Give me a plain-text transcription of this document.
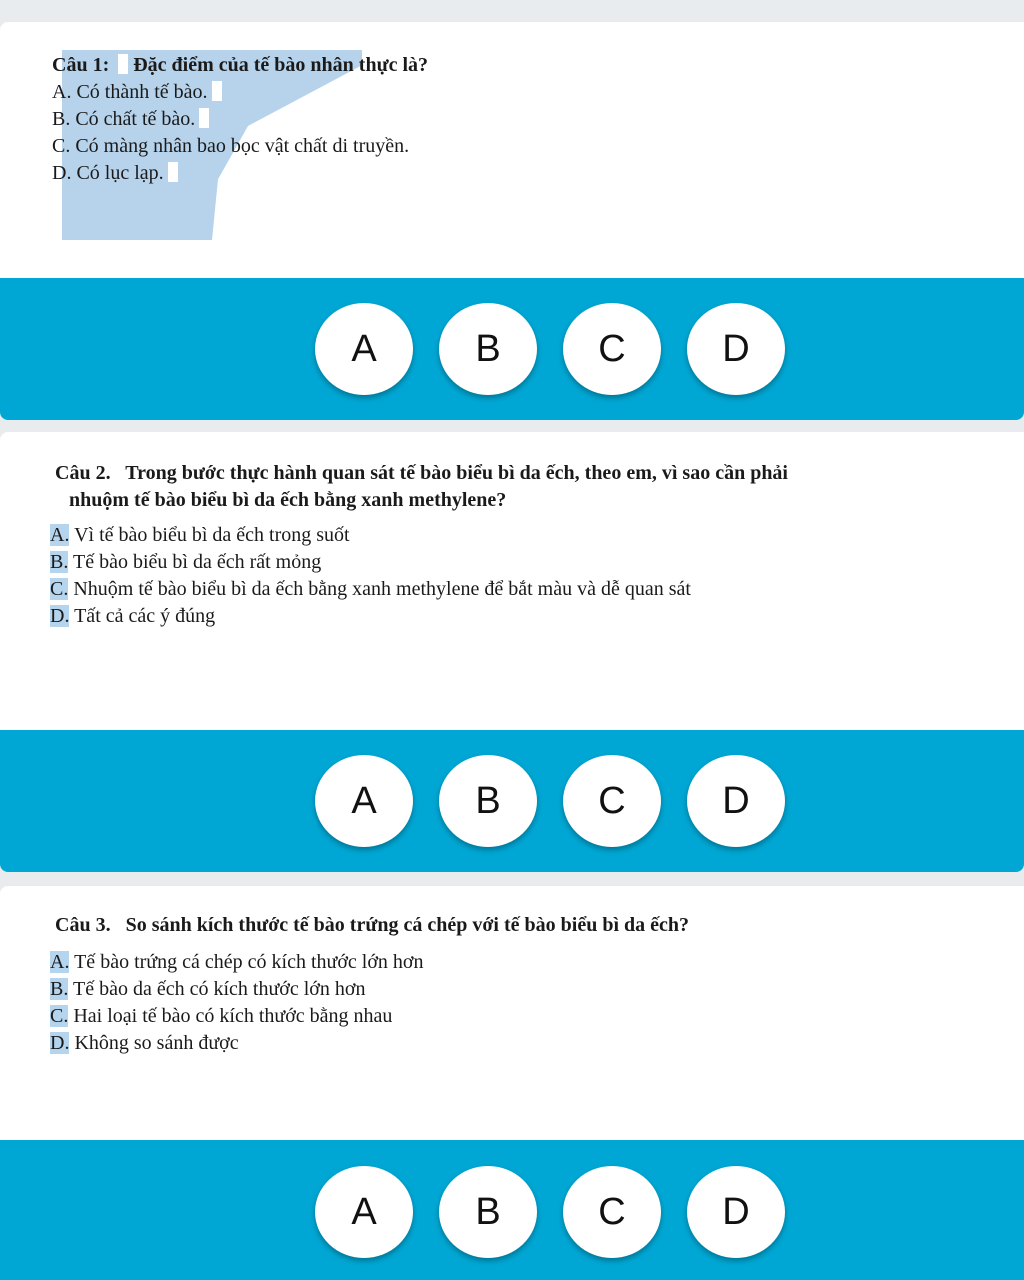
Câu 1: Đặc điểm của tế bào nhân thực là?
A. Có thành tế bào.
B. Có chất tế bào.
C. Có màng nhân bao bọc vật chất di truyền.
D. Có lục lạp.
A	B	C	D
Câu 2. Trong bước thực hành quan sát tế bào biểu bì da ếch, theo em, vì sao cần phải
nhuộm tế bào biểu bì da ếch bằng xanh methylene?
A. Vì tế bào biểu bì da ếch trong suốt
B. Tế bào biểu bì da ếch rất mỏng
C. Nhuộm tế bào biểu bì da ếch bằng xanh methylene để bắt màu và dễ quan sát
D. Tất cả các ý đúng
A	B	C	D
Câu 3. So sánh kích thước tế bào trứng cá chép với tế bào biểu bì da ếch?
A. Tế bào trứng cá chép có kích thước lớn hơn
B. Tế bào da ếch có kích thước lớn hơn
C. Hai loại tế bào có kích thước bằng nhau
D. Không so sánh được
A	B	C	D
